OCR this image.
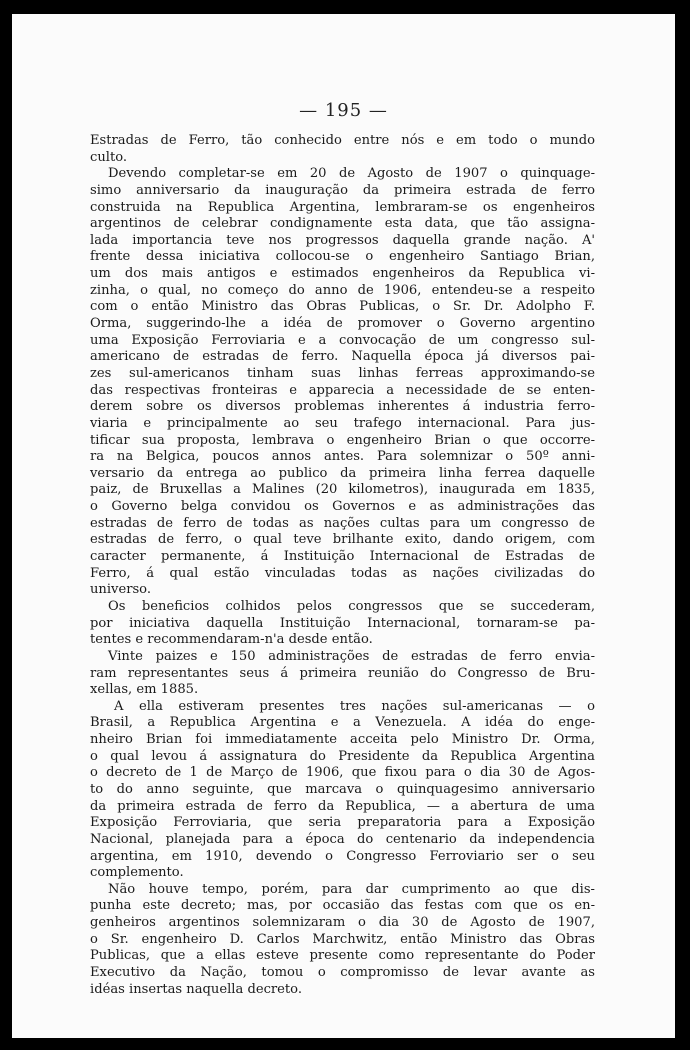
— 195 —
Estradas de Ferro, tão conhecido entre nós e em todo o mundo
culto.
Devendo completar-se em 20 de Agosto de 1907 o quinquage-
simo anniversario da inauguração da primeira estrada de ferro
construida na Republica Argentina, lembraram-se os engenheiros
argentinos de celebrar condignamente esta data, que tão assigna-
lada importancia teve nos progressos daquella grande nação. A'
frente dessa iniciativa collocou-se o engenheiro Santiago Brian,
um dos mais antigos e estimados engenheiros da Republica vi-
zinha, o qual, no começo do anno de 1906, entendeu-se a respeito
com o então Ministro das Obras Publicas, o Sr. Dr. Adolpho F.
Orma, suggerindo-lhe a idéa de promover o Governo argentino
uma Exposição Ferroviaria e a convocação de um congresso sul-
americano de estradas de ferro. Naquella época já diversos pai-
zes sul-americanos tinham suas linhas ferreas approximando-se
das respectivas fronteiras e apparecia a necessidade de se enten-
derem sobre os diversos problemas inherentes á industria ferro-
viaria e principalmente ao seu trafego internacional. Para jus-
tificar sua proposta, lembrava o engenheiro Brian o que occorre-
ra na Belgica, poucos annos antes. Para solemnizar o 50º anni-
versario da entrega ao publico da primeira linha ferrea daquelle
paiz, de Bruxellas a Malines (20 kilometros), inaugurada em 1835,
o Governo belga convidou os Governos e as administrações das
estradas de ferro de todas as nações cultas para um congresso de
estradas de ferro, o qual teve brilhante exito, dando origem, com
caracter permanente, á Instituição Internacional de Estradas de
Ferro, á qual estão vinculadas todas as nações civilizadas do
universo.
Os beneficios colhidos pelos congressos que se succederam,
por iniciativa daquella Instituição Internacional, tornaram-se pa-
tentes e recommendaram-n'a desde então.
Vinte paizes e 150 administrações de estradas de ferro envia-
ram representantes seus á primeira reunião do Congresso de Bru-
xellas, em 1885.
A ella estiveram presentes tres nações sul-americanas — o
Brasil, a Republica Argentina e a Venezuela. A idéa do enge-
nheiro Brian foi immediatamente acceita pelo Ministro Dr. Orma,
o qual levou á assignatura do Presidente da Republica Argentina
o decreto de 1 de Março de 1906, que fixou para o dia 30 de Agos-
to do anno seguinte, que marcava o quinquagesimo anniversario
da primeira estrada de ferro da Republica, — a abertura de uma
Exposição Ferroviaria, que seria preparatoria para a Exposição
Nacional, planejada para a época do centenario da independencia
argentina, em 1910, devendo o Congresso Ferroviario ser o seu
complemento.
Não houve tempo, porém, para dar cumprimento ao que dis-
punha este decreto; mas, por occasião das festas com que os en-
genheiros argentinos solemnizaram o dia 30 de Agosto de 1907,
o Sr. engenheiro D. Carlos Marchwitz, então Ministro das Obras
Publicas, que a ellas esteve presente como representante do Poder
Executivo da Nação, tomou o compromisso de levar avante as
idéas insertas naquella decreto.
